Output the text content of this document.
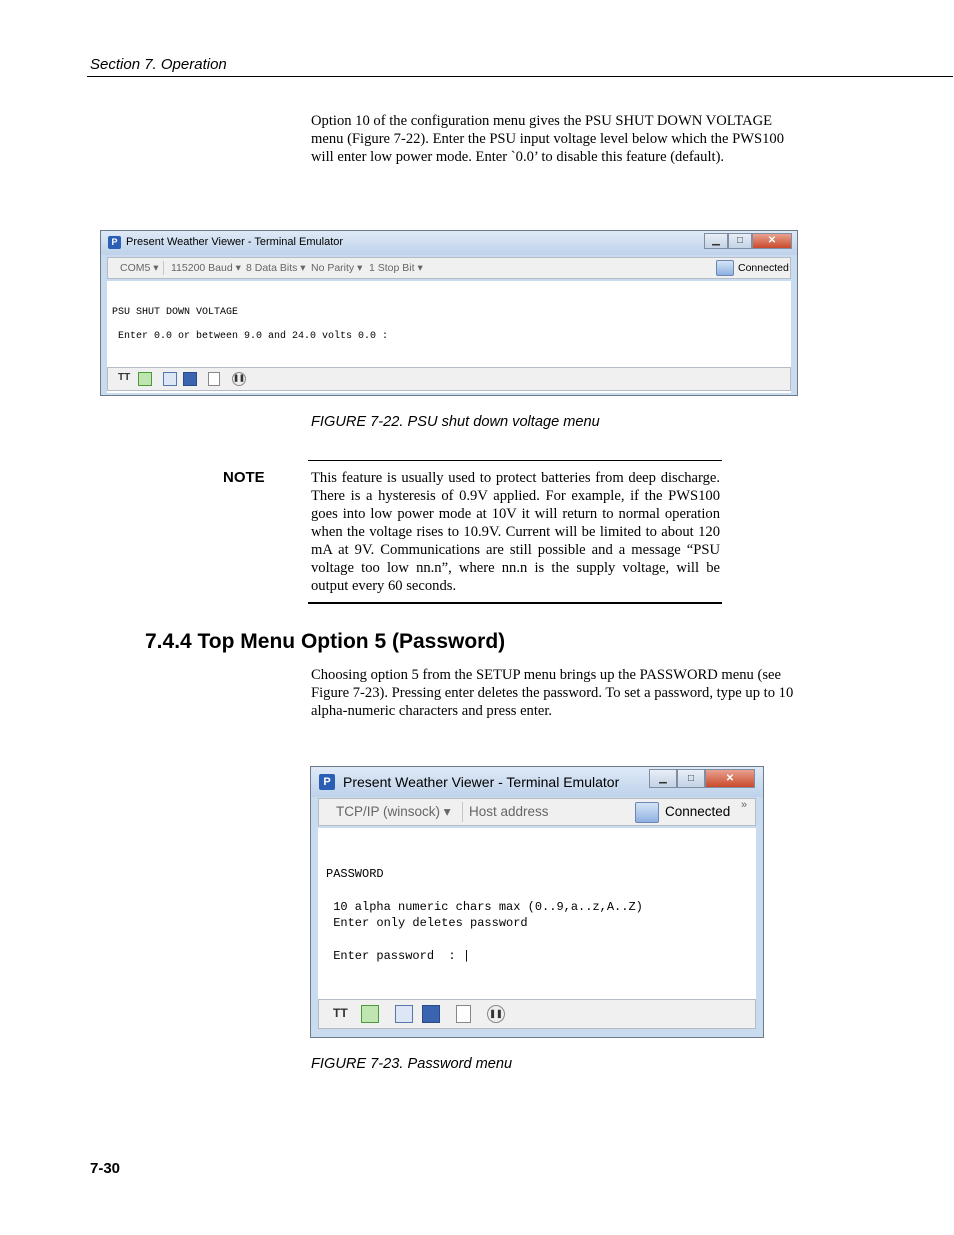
Section 7. Operation
Option 10 of the configuration menu gives the PSU SHUT DOWN VOLTAGE menu (Figure 7-22). Enter the PSU input voltage level below which the PWS100 will enter low power mode. Enter `0.0’ to disable this feature (default).
P Present Weather Viewer - Terminal Emulator	▁	□	✕
COM5 ▾ 115200 Baud ▾ 8 Data Bits ▾ No Parity ▾ 1 Stop Bit ▾	Connected
PSU SHUT DOWN VOLTAGE
Enter 0.0 or between 9.0 and 24.0 volts 0.0 :
TT	❚❚
FIGURE 7-22. PSU shut down voltage menu
NOTE	This feature is usually used to protect batteries from deep discharge. There is a hysteresis of 0.9V applied. For example, if the PWS100 goes into low power mode at 10V it will return to normal operation when the voltage rises to 10.9V. Current will be limited to about 120 mA at 9V. Communications are still possible and a message “PSU voltage too low nn.n”, where nn.n is the supply voltage, will be output every 60 seconds.
7.4.4 Top Menu Option 5 (Password)
Choosing option 5 from the SETUP menu brings up the PASSWORD menu (see Figure 7-23). Pressing enter deletes the password. To set a password, type up to 10 alpha-numeric characters and press enter.
P Present Weather Viewer - Terminal Emulator	▁	□	✕
TCP/IP (winsock) ▾ Host address	Connected »
PASSWORD
10 alpha numeric chars max (0..9,a..z,A..Z)
Enter only deletes password
Enter password  : |
TT	❚❚
FIGURE 7-23. Password menu
7-30
